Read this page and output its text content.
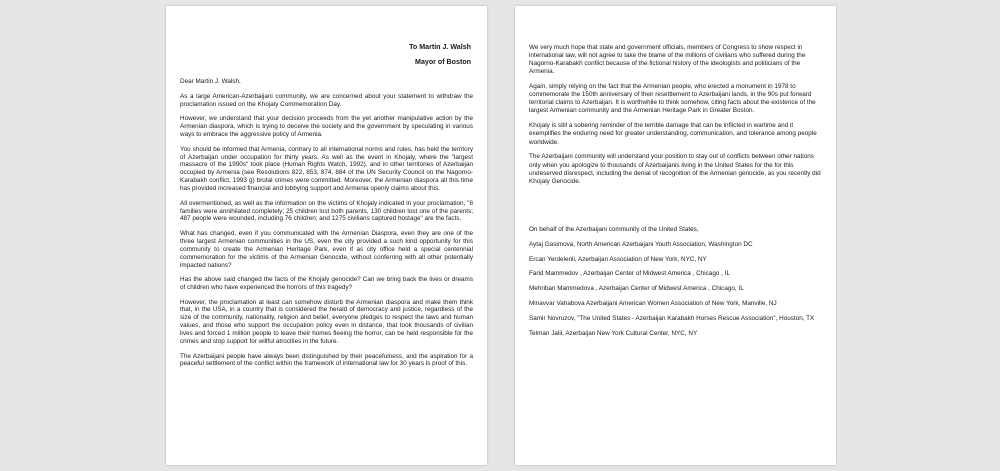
To Martin J. Walsh
Mayor of Boston

Dear Martin J. Walsh,

As a large American-Azerbaijani community, we are concerned about your statement to withdraw the proclamation issued on the Khojaly Commemoration Day.

However, we understand that your decision proceeds from the yet another manipulative action by the Armenian diaspora, which is trying to deceive the society and the government by speculating in various ways to embrace the aggressive policy of Armenia.

You should be informed that Armenia, contrary to all international norms and rules, has held the territory of Azerbaijan under occupation for thirty years. As well as the event in Khojaly, where the "largest massacre of the 1990s" took place (Human Rights Watch, 1992), and in other territories of Azerbaijan occupied by Armenia (see Resolutions 822, 853, 874, 884 of the UN Security Council on the Nagorno-Karabakh conflict, 1993 g) brutal crimes were committed. Moreover, the Armenian diaspora all this time has provided increased financial and lobbying support and Armenia openly claims about this.

All overmentioned, as well as the information on the victims of Khojaly indicated in your proclamation, "8 families were annihilated completely; 25 children lost both parents, 130 children lost one of the parents; 487 people were wounded, including 76 children; and 1275 civilians captured hostage" are the facts.

What has changed, even if you communicated with the Armenian Diaspora, even they are one of the three largest Armenian communities in the US, even the city provided a such kind opportunity for this community to create the Armenian Heritage Park, even if as city office held a special centennial commemoration for the victims of the Armenian Genocide, without conferring with all other potentially impacted nations?

Has the above said changed the facts of the Khojaly genocide? Can we bring back the lives or dreams of children who have experienced the horrors of this tragedy?

However, the proclamation at least can somehow disturb the Armenian diaspora and make them think that, in the USA, in a country that is considered the herald of democracy and justice, regardless of the size of the community, nationality, religion and belief, everyone pledges to respect the laws and human values, and those who support the occupation policy even in distance, that took thousands of civilian lives and forced 1 million people to leave their homes fleeing the horror, can be held responsible for the crimes and stop support for willful atrocities in the future.

The Azerbaijani people have always been distinguished by their peacefulness, and the aspiration for a peaceful settlement of the conflict within the framework of international law for 30 years is proof of this.

We very much hope that state and government officials, members of Congress to show respect in international law, will not agree to take the blame of the millions of civilians who suffered during the Nagorno-Karabakh conflict because of the fictional history of the ideologists and politicians of the Armenia.

Again, simply relying on the fact that the Armenian people, who erected a monument in 1978 to commemorate the 150th anniversary of their resettlement to Azerbaijani lands, in the 90s put forward territorial claims to Azerbaijan. It is worthwhile to think somehow, citing facts about the existence of the largest Armenian community and the Armenian Heritage Park in Greater Boston.

Khojaly is still a sobering reminder of the terrible damage that can be inflicted in wartime and it exemplifies the enduring need for greater understanding, communication, and tolerance among people worldwide.

The Azerbaijani community will understand your position to stay out of conflicts between other nations only when you apologize to thousands of Azerbaijanis living in the United States for the for this undeserved disrespect, including the denial of recognition of the Armenian genocide, as you recently did Khojaly Genocide.

On behalf of the Azerbaijani community of the United States,

Aytaj Gasimova, North American Azerbaijani Youth Association, Washington DC

Ercan Yerdelenli, Azerbaijan Association of New York, NYC, NY

Farid Mammedov , Azerbaijan Center of Midwest America , Chicago , IL

Mehriban Mammedova , Azerbaijan Center of Midwest America , Chicago, IL

Minavvar Vahabova Azerbaijani American Women Association of New York, Manville, NJ

Samir Novruzov, "The United States - Azerbaijan Karabakh Horses Rescue Association", Houston, TX

Telman Jalil, Azerbaijan New York Cultural Center, NYC, NY
